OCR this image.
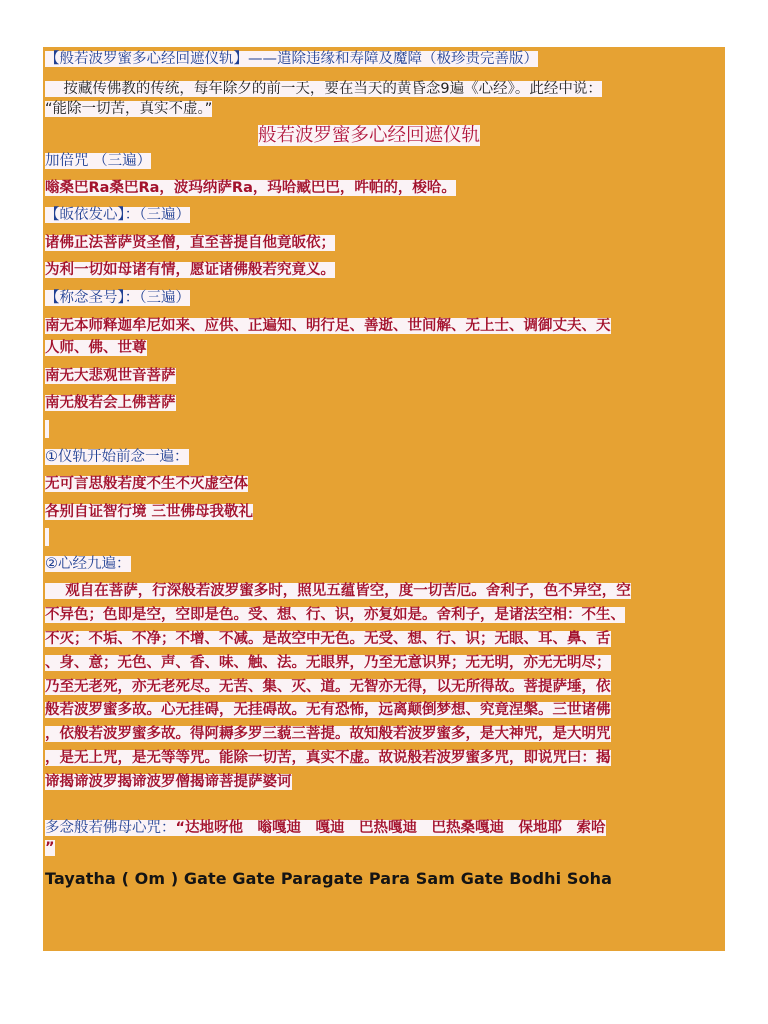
【般若波罗蜜多心经回遮仪轨】——遣除违缘和寿障及魔障（极珍贵完善版）
按藏传佛教的传统，每年除夕的前一天，要在当天的黄昏念9遍《心经》。此经中说：
“能除一切苦，真实不虚。”
般若波罗蜜多心经回遮仪轨
加倍咒 （三遍）
嗡桑巴Ra桑巴Ra，波玛纳萨Ra，玛哈臧巴巴，吽帕的，梭哈。
【皈依发心】：（三遍）
诸佛正法菩萨贤圣僧，直至菩提自他竟皈依；
为利一切如母诸有情，愿证诸佛般若究竟义。
【称念圣号】：（三遍）
南无本师释迦牟尼如来、应供、正遍知、明行足、善逝、世间解、无上士、调御丈夫、天
人师、佛、世尊
南无大悲观世音菩萨
南无般若会上佛菩萨
①仪轨开始前念一遍：
无可言思般若度不生不灭虚空体
各别自证智行境 三世佛母我敬礼
②心经九遍：
观自在菩萨，行深般若波罗蜜多时，照见五蕴皆空，度一切苦厄。舍利子，色不异空，空
不异色；色即是空，空即是色。受、想、行、识，亦复如是。舍利子，是诸法空相：不生、
不灭；不垢、不净；不增、不减。是故空中无色。无受、想、行、识；无眼、耳、鼻、舌
、身、意；无色、声、香、味、触、法。无眼界，乃至无意识界；无无明，亦无无明尽；
乃至无老死，亦无老死尽。无苦、集、灭、道。无智亦无得，以无所得故。菩提萨埵，依
般若波罗蜜多故。心无挂碍，无挂碍故。无有恐怖，远离颠倒梦想、究竟涅槃。三世诸佛
，依般若波罗蜜多故。得阿耨多罗三藐三菩提。故知般若波罗蜜多，是大神咒，是大明咒
，是无上咒，是无等等咒。能除一切苦，真实不虚。故说般若波罗蜜多咒，即说咒曰：揭
谛揭谛波罗揭谛波罗僧揭谛菩提萨婆诃
多念般若佛母心咒：“达地呀他　嗡嘎迪　嘎迪　巴热嘎迪　巴热桑嘎迪　保地耶　索哈
”
Tayatha ( Om ) Gate Gate Paragate Para Sam Gate Bodhi Soha
